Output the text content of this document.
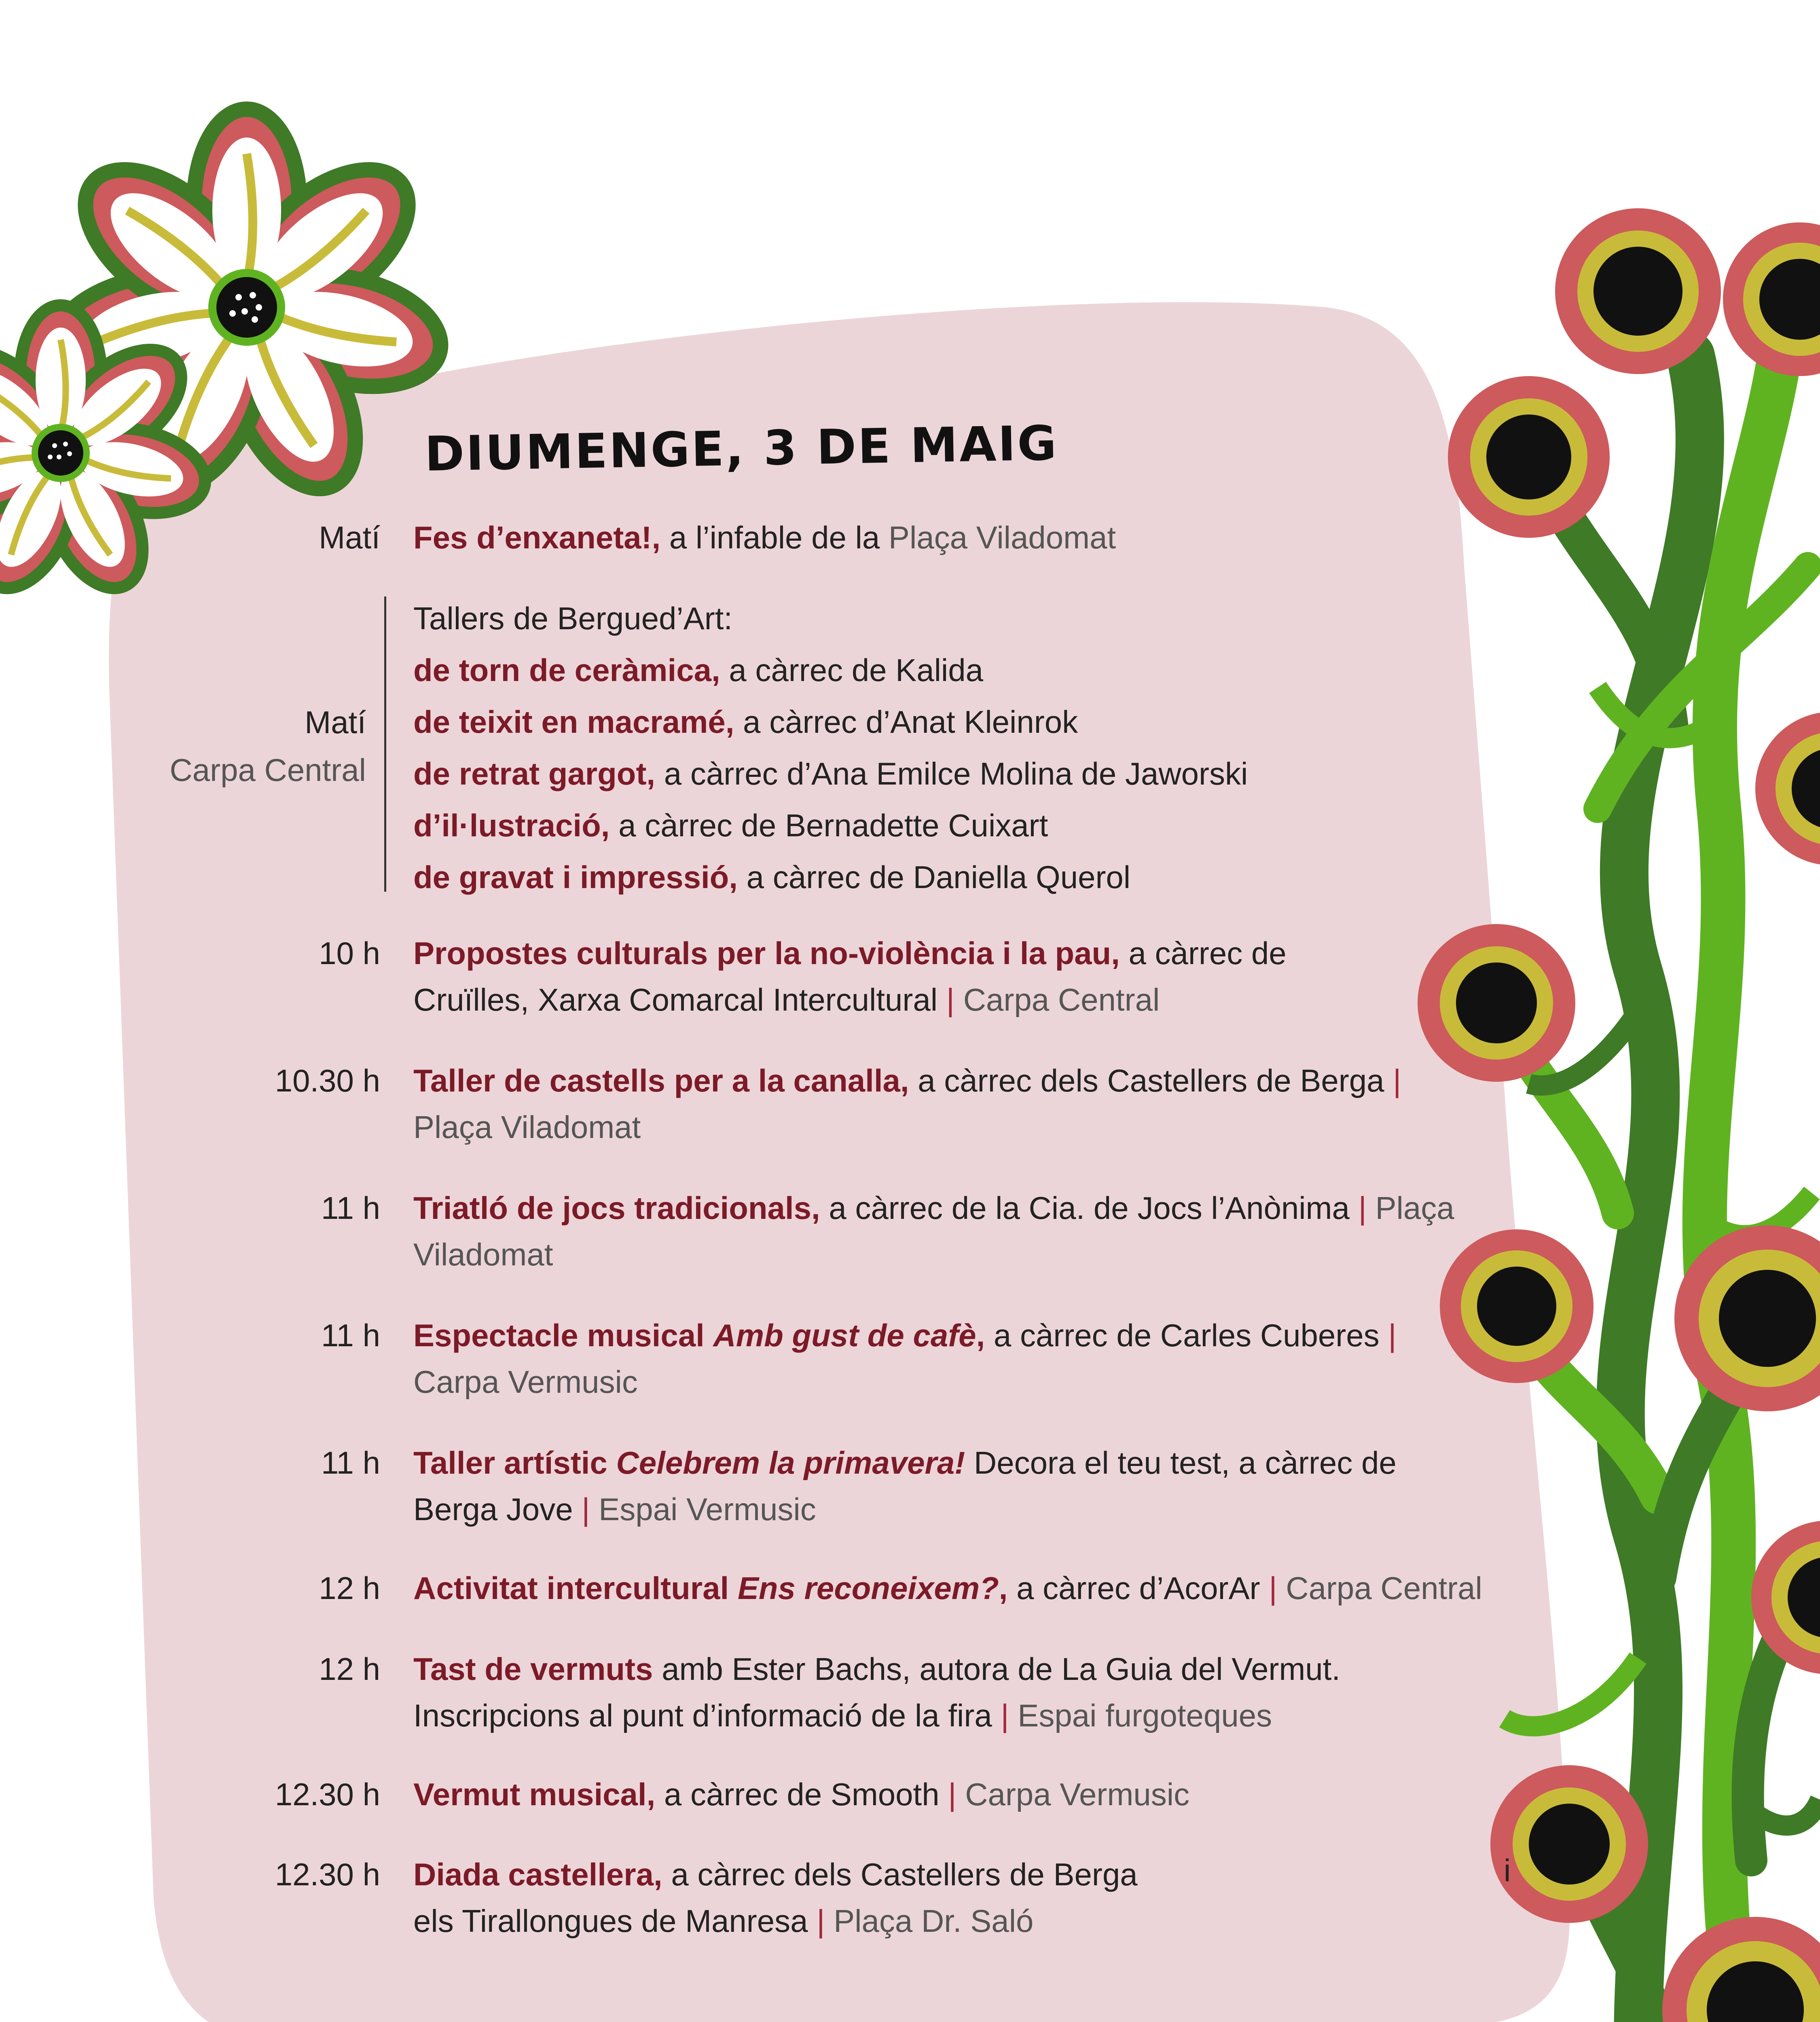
DIUMENGE, 3 DE MAIG
Matí Fes d’enxaneta!, a l’infable de la Plaça Viladomat
Matí
Carpa Central
Tallers de Bergued’Art:
de torn de ceràmica, a càrrec de Kalida
de teixit en macramé, a càrrec d’Anat Kleinrok
de retrat gargot, a càrrec d’Ana Emilce Molina de Jaworski
d’il·lustració, a càrrec de Bernadette Cuixart
de gravat i impressió, a càrrec de Daniella Querol
10 h Propostes culturals per la no-violència i la pau, a càrrec de Cruïlles, Xarxa Comarcal Intercultural | Carpa Central
10.30 h Taller de castells per a la canalla, a càrrec dels Castellers de Berga | Plaça Viladomat
11 h Triatló de jocs tradicionals, a càrrec de la Cia. de Jocs l’Anònima | Plaça Viladomat
11 h Espectacle musical Amb gust de cafè, a càrrec de Carles Cuberes | Carpa Vermusic
11 h Taller artístic Celebrem la primavera! Decora el teu test, a càrrec de Berga Jove | Espai Vermusic
12 h Activitat intercultural Ens reconeixem?, a càrrec d’AcorAr | Carpa Central
12 h Tast de vermuts amb Ester Bachs, autora de La Guia del Vermut. Inscripcions al punt d’informació de la fira | Espai furgoteques
12.30 h Vermut musical, a càrrec de Smooth | Carpa Vermusic
12.30 h Diada castellera, a càrrec dels Castellers de Berga
els Tirallongues de Manresa | Plaça Dr. Saló
i
